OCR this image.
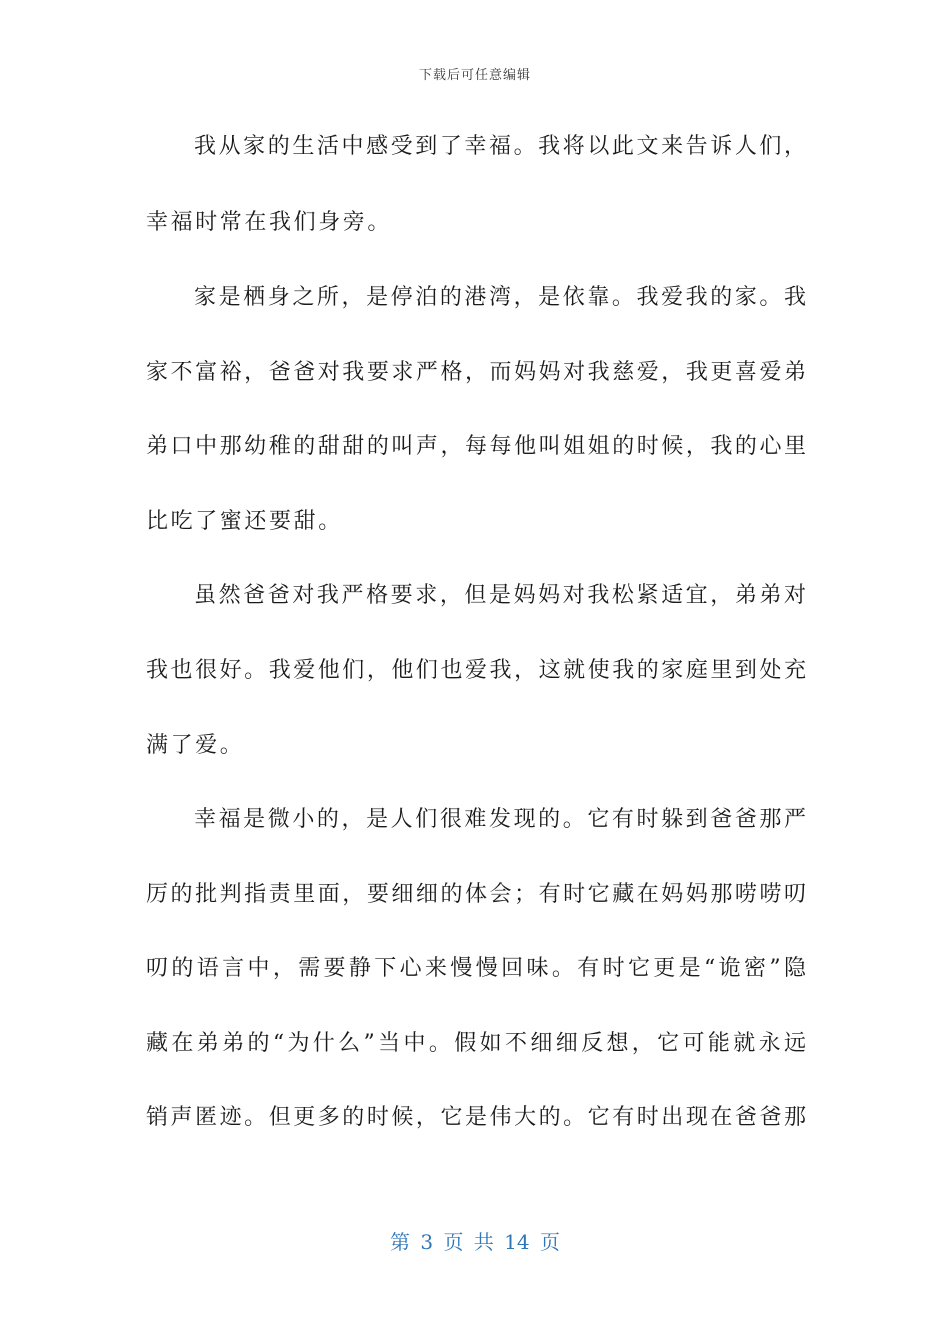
下载后可任意编辑
我从家的生活中感受到了幸福。我将以此文来告诉人们，
幸福时常在我们身旁。
家是栖身之所，是停泊的港湾，是依靠。我爱我的家。我
家不富裕，爸爸对我要求严格，而妈妈对我慈爱，我更喜爱弟
弟口中那幼稚的甜甜的叫声，每每他叫姐姐的时候，我的心里
比吃了蜜还要甜。
虽然爸爸对我严格要求，但是妈妈对我松紧适宜，弟弟对
我也很好。我爱他们，他们也爱我，这就使我的家庭里到处充
满了爱。
幸福是微小的，是人们很难发现的。它有时躲到爸爸那严
厉的批判指责里面，要细细的体会；有时它藏在妈妈那唠唠叨
叨的语言中，需要静下心来慢慢回味。有时它更是“诡密”隐
藏在弟弟的“为什么”当中。假如不细细反想，它可能就永远
销声匿迹。但更多的时候，它是伟大的。它有时出现在爸爸那
第 3 页 共 14 页
